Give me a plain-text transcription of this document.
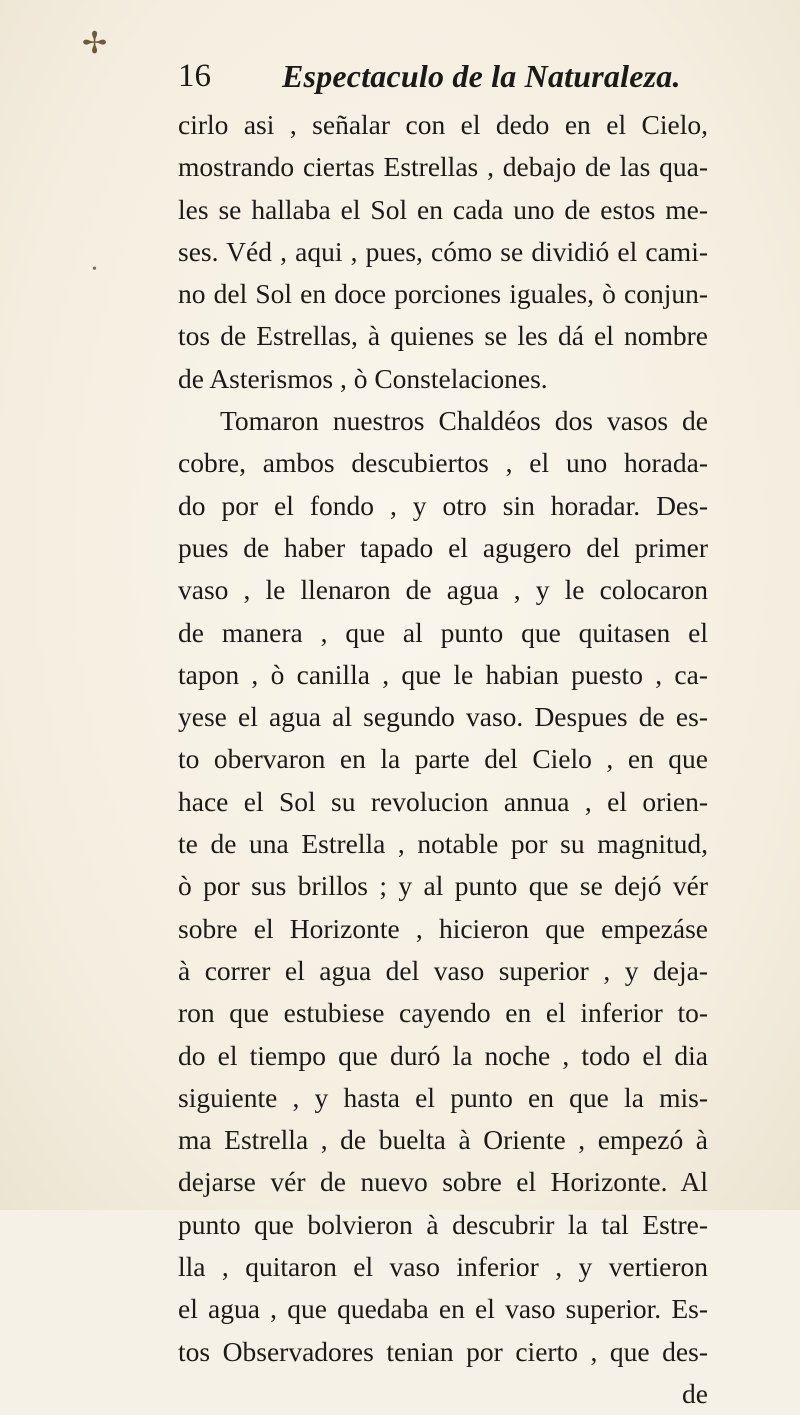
✢
•
16 Espectaculo de la Naturaleza.
cirlo asi , señalar con el dedo en el Cielo,
mostrando ciertas Estrellas , debajo de las qua-
les se hallaba el Sol en cada uno de estos me-
ses. Véd , aqui , pues, cómo se dividió el cami-
no del Sol en doce porciones iguales, ò conjun-
tos de Estrellas, à quienes se les dá el nombre
de Asterismos , ò Constelaciones.
Tomaron nuestros Chaldéos dos vasos de
cobre, ambos descubiertos , el uno horada-
do por el fondo , y otro sin horadar. Des-
pues de haber tapado el agugero del primer
vaso , le llenaron de agua , y le colocaron
de manera , que al punto que quitasen el
tapon , ò canilla , que le habian puesto , ca-
yese el agua al segundo vaso. Despues de es-
to obervaron en la parte del Cielo , en que
hace el Sol su revolucion annua , el orien-
te de una Estrella , notable por su magnitud,
ò por sus brillos ; y al punto que se dejó vér
sobre el Horizonte , hicieron que empezáse
à correr el agua del vaso superior , y deja-
ron que estubiese cayendo en el inferior to-
do el tiempo que duró la noche , todo el dia
siguiente , y hasta el punto en que la mis-
ma Estrella , de buelta à Oriente , empezó à
dejarse vér de nuevo sobre el Horizonte. Al
punto que bolvieron à descubrir la tal Estre-
lla , quitaron el vaso inferior , y vertieron
el agua , que quedaba en el vaso superior. Es-
tos Observadores tenian por cierto , que des-
de
